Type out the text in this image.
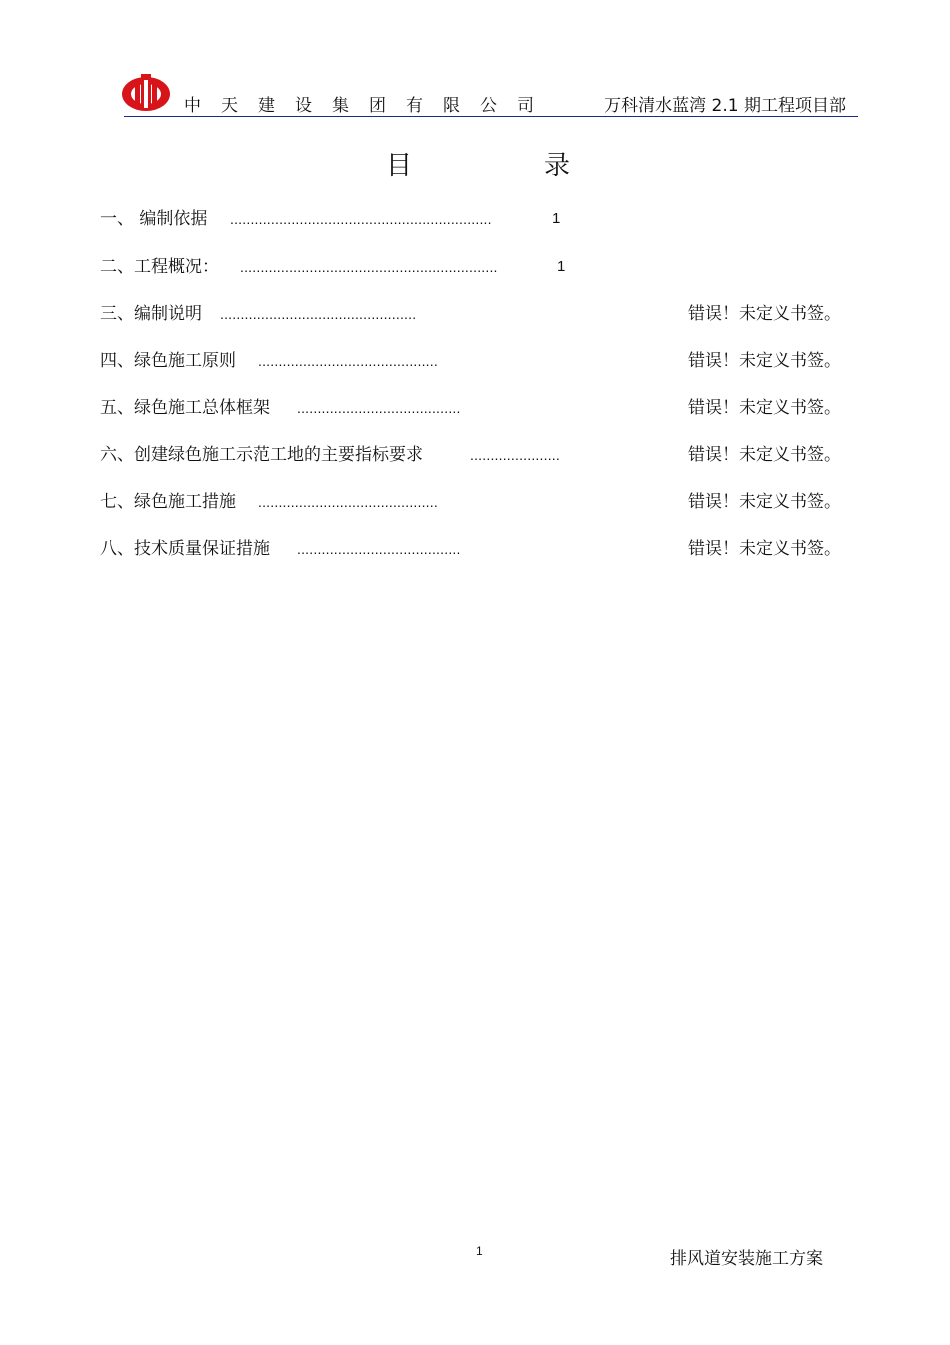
中 天 建 设 集 团 有 限 公 司	万科清水蓝湾 2.1 期工程项目部
目	录
一、 编制依据 ................................................................	1
二、工程概况： ...............................................................	1
三、编制说明 ................................................	错误！未定义书签。
四、绿色施工原则 ............................................	错误！未定义书签。
五、绿色施工总体框架 ........................................	错误！未定义书签。
六、创建绿色施工示范工地的主要指标要求	......................	错误！未定义书签。
七、绿色施工措施 ............................................	错误！未定义书签。
八、技术质量保证措施 ........................................	错误！未定义书签。
1	排风道安装施工方案
